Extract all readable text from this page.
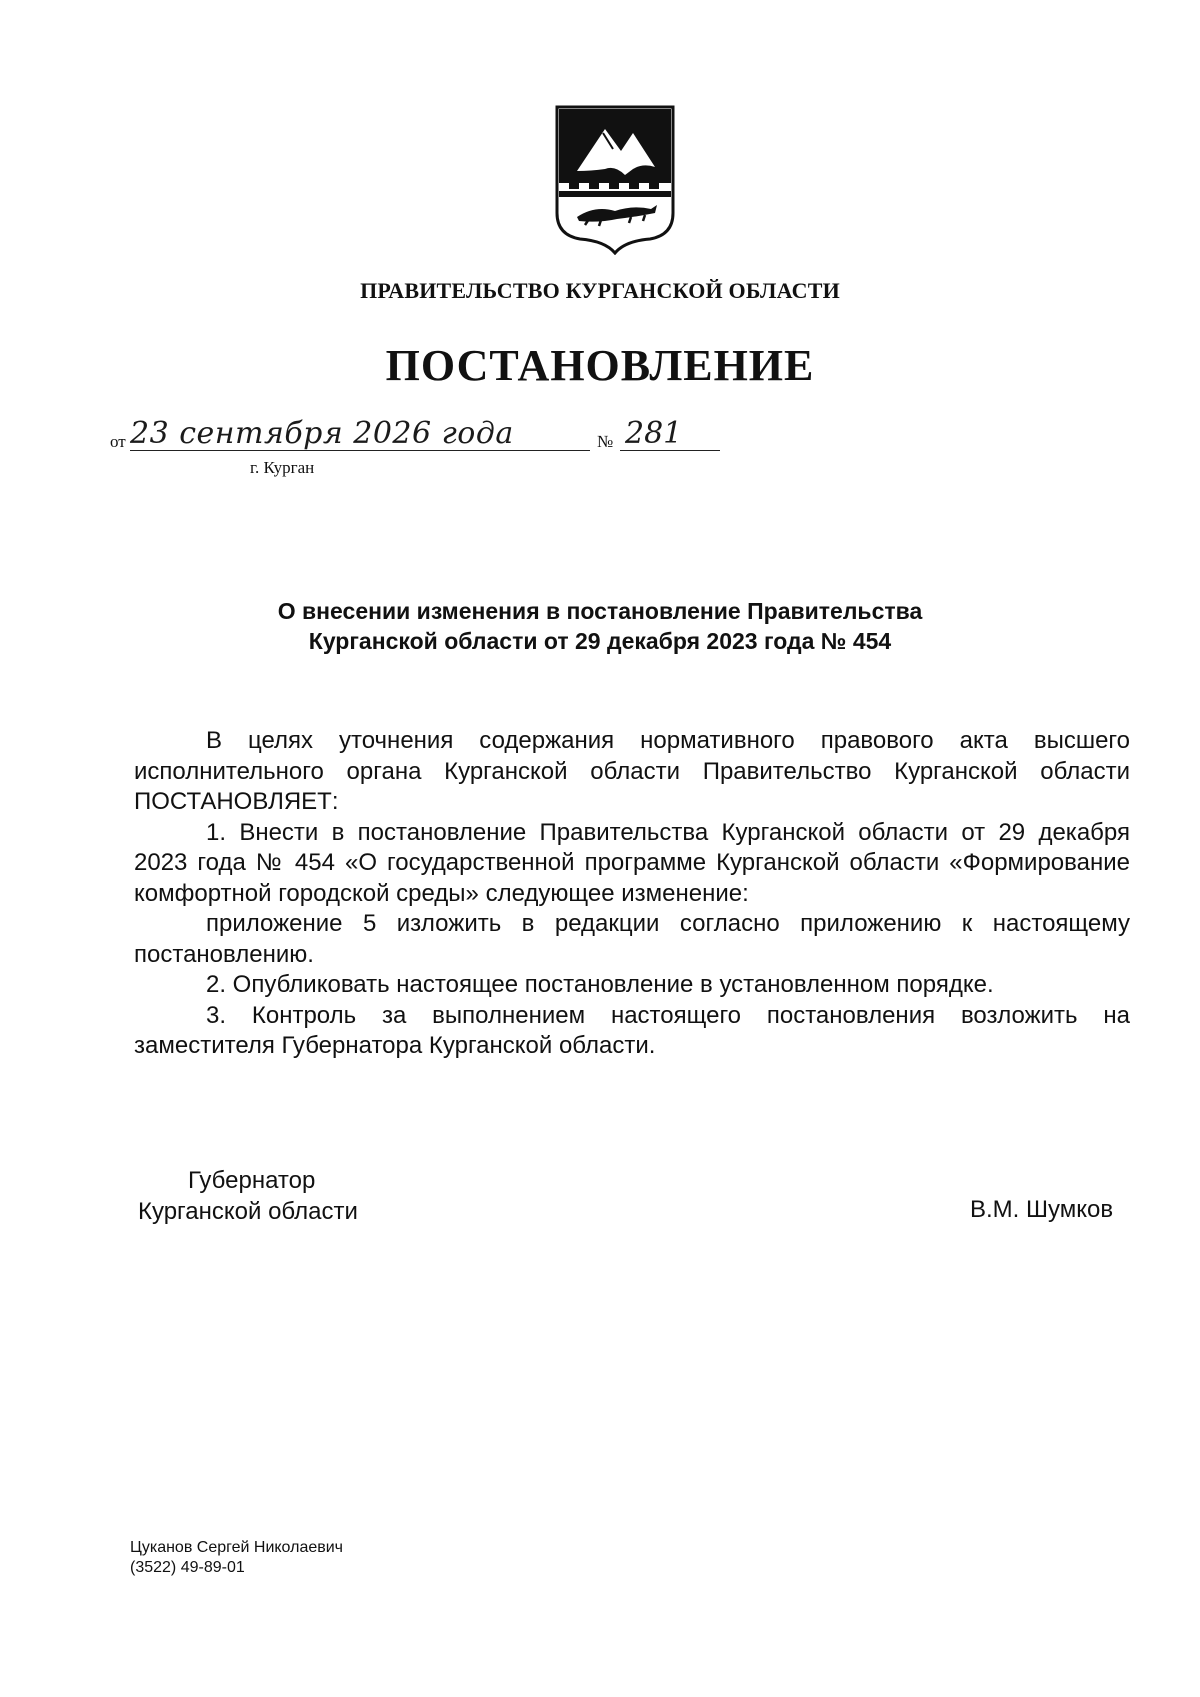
ПРАВИТЕЛЬСТВО КУРГАНСКОЙ ОБЛАСТИ
ПОСТАНОВЛЕНИЕ
от 23 сентября 2026 года	№ 281
г. Курган
О внесении изменения в постановление Правительства
Курганской области от 29 декабря 2023 года № 454

В целях уточнения содержания нормативного правового акта высшего исполнительного органа Курганской области Правительство Курганской области ПОСТАНОВЛЯЕТ:

1. Внести в постановление Правительства Курганской области от 29 декабря 2023 года № 454 «О государственной программе Курганской области «Формирование комфортной городской среды» следующее изменение:

приложение 5 изложить в редакции согласно приложению к настоящему постановлению.

2. Опубликовать настоящее постановление в установленном порядке.

3. Контроль за выполнением настоящего постановления возложить на заместителя Губернатора Курганской области.

Губернатор
Курганской области	В.М. Шумков
Цуканов Сергей Николаевич
(3522) 49-89-01
